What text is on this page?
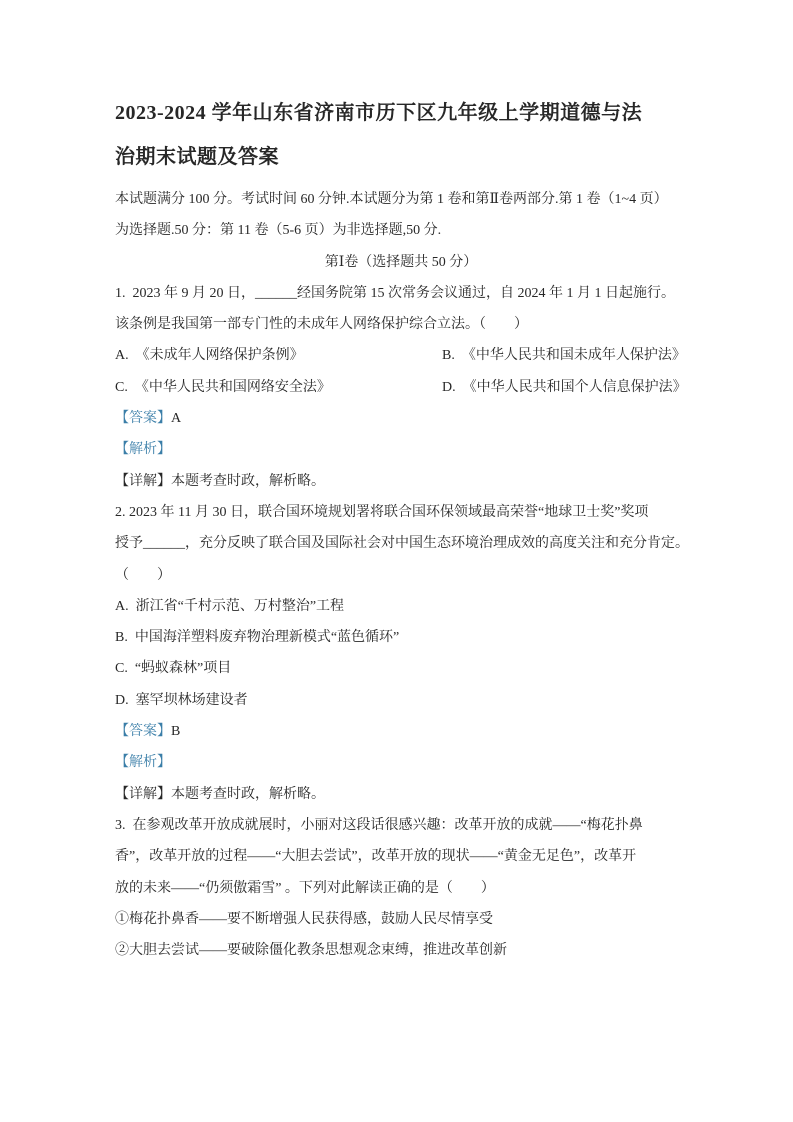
2023-2024 学年山东省济南市历下区九年级上学期道德与法
治期末试题及答案
本试题满分 100 分。考试时间 60 分钟.本试题分为第 1 卷和第Ⅱ卷两部分.第 1 卷（1~4 页）
为选择题.50 分：第 11 卷（5-6 页）为非选择题,50 分.
第Ⅰ卷（选择题共 50 分）
1.  2023 年 9 月 20 日，______经国务院第 15 次常务会议通过，自 2024 年 1 月 1 日起施行。
该条例是我国第一部专门性的未成年人网络保护综合立法。（　　）
A.  《未成年人网络保护条例》	B.  《中华人民共和国未成年人保护法》
C.  《中华人民共和国网络安全法》	D.  《中华人民共和国个人信息保护法》
【答案】A
【解析】
【详解】本题考查时政，解析略。
2. 2023 年 11 月 30 日，联合国环境规划署将联合国环保领域最高荣誉“地球卫士奖”奖项
授予______，充分反映了联合国及国际社会对中国生态环境治理成效的高度关注和充分肯定。
（　　）
A.  浙江省“千村示范、万村整治”工程
B.  中国海洋塑料废弃物治理新模式“蓝色循环”
C.  “蚂蚁森林”项目
D.  塞罕坝林场建设者
【答案】B
【解析】
【详解】本题考查时政，解析略。
3.  在参观改革开放成就展时，小丽对这段话很感兴趣：改革开放的成就——“梅花扑鼻
香”，改革开放的过程——“大胆去尝试”，改革开放的现状——“黄金无足色”，改革开
放的未来——“仍须傲霜雪” 。下列对此解读正确的是（　　）
①梅花扑鼻香——要不断增强人民获得感，鼓励人民尽情享受
②大胆去尝试——要破除僵化教条思想观念束缚，推进改革创新
